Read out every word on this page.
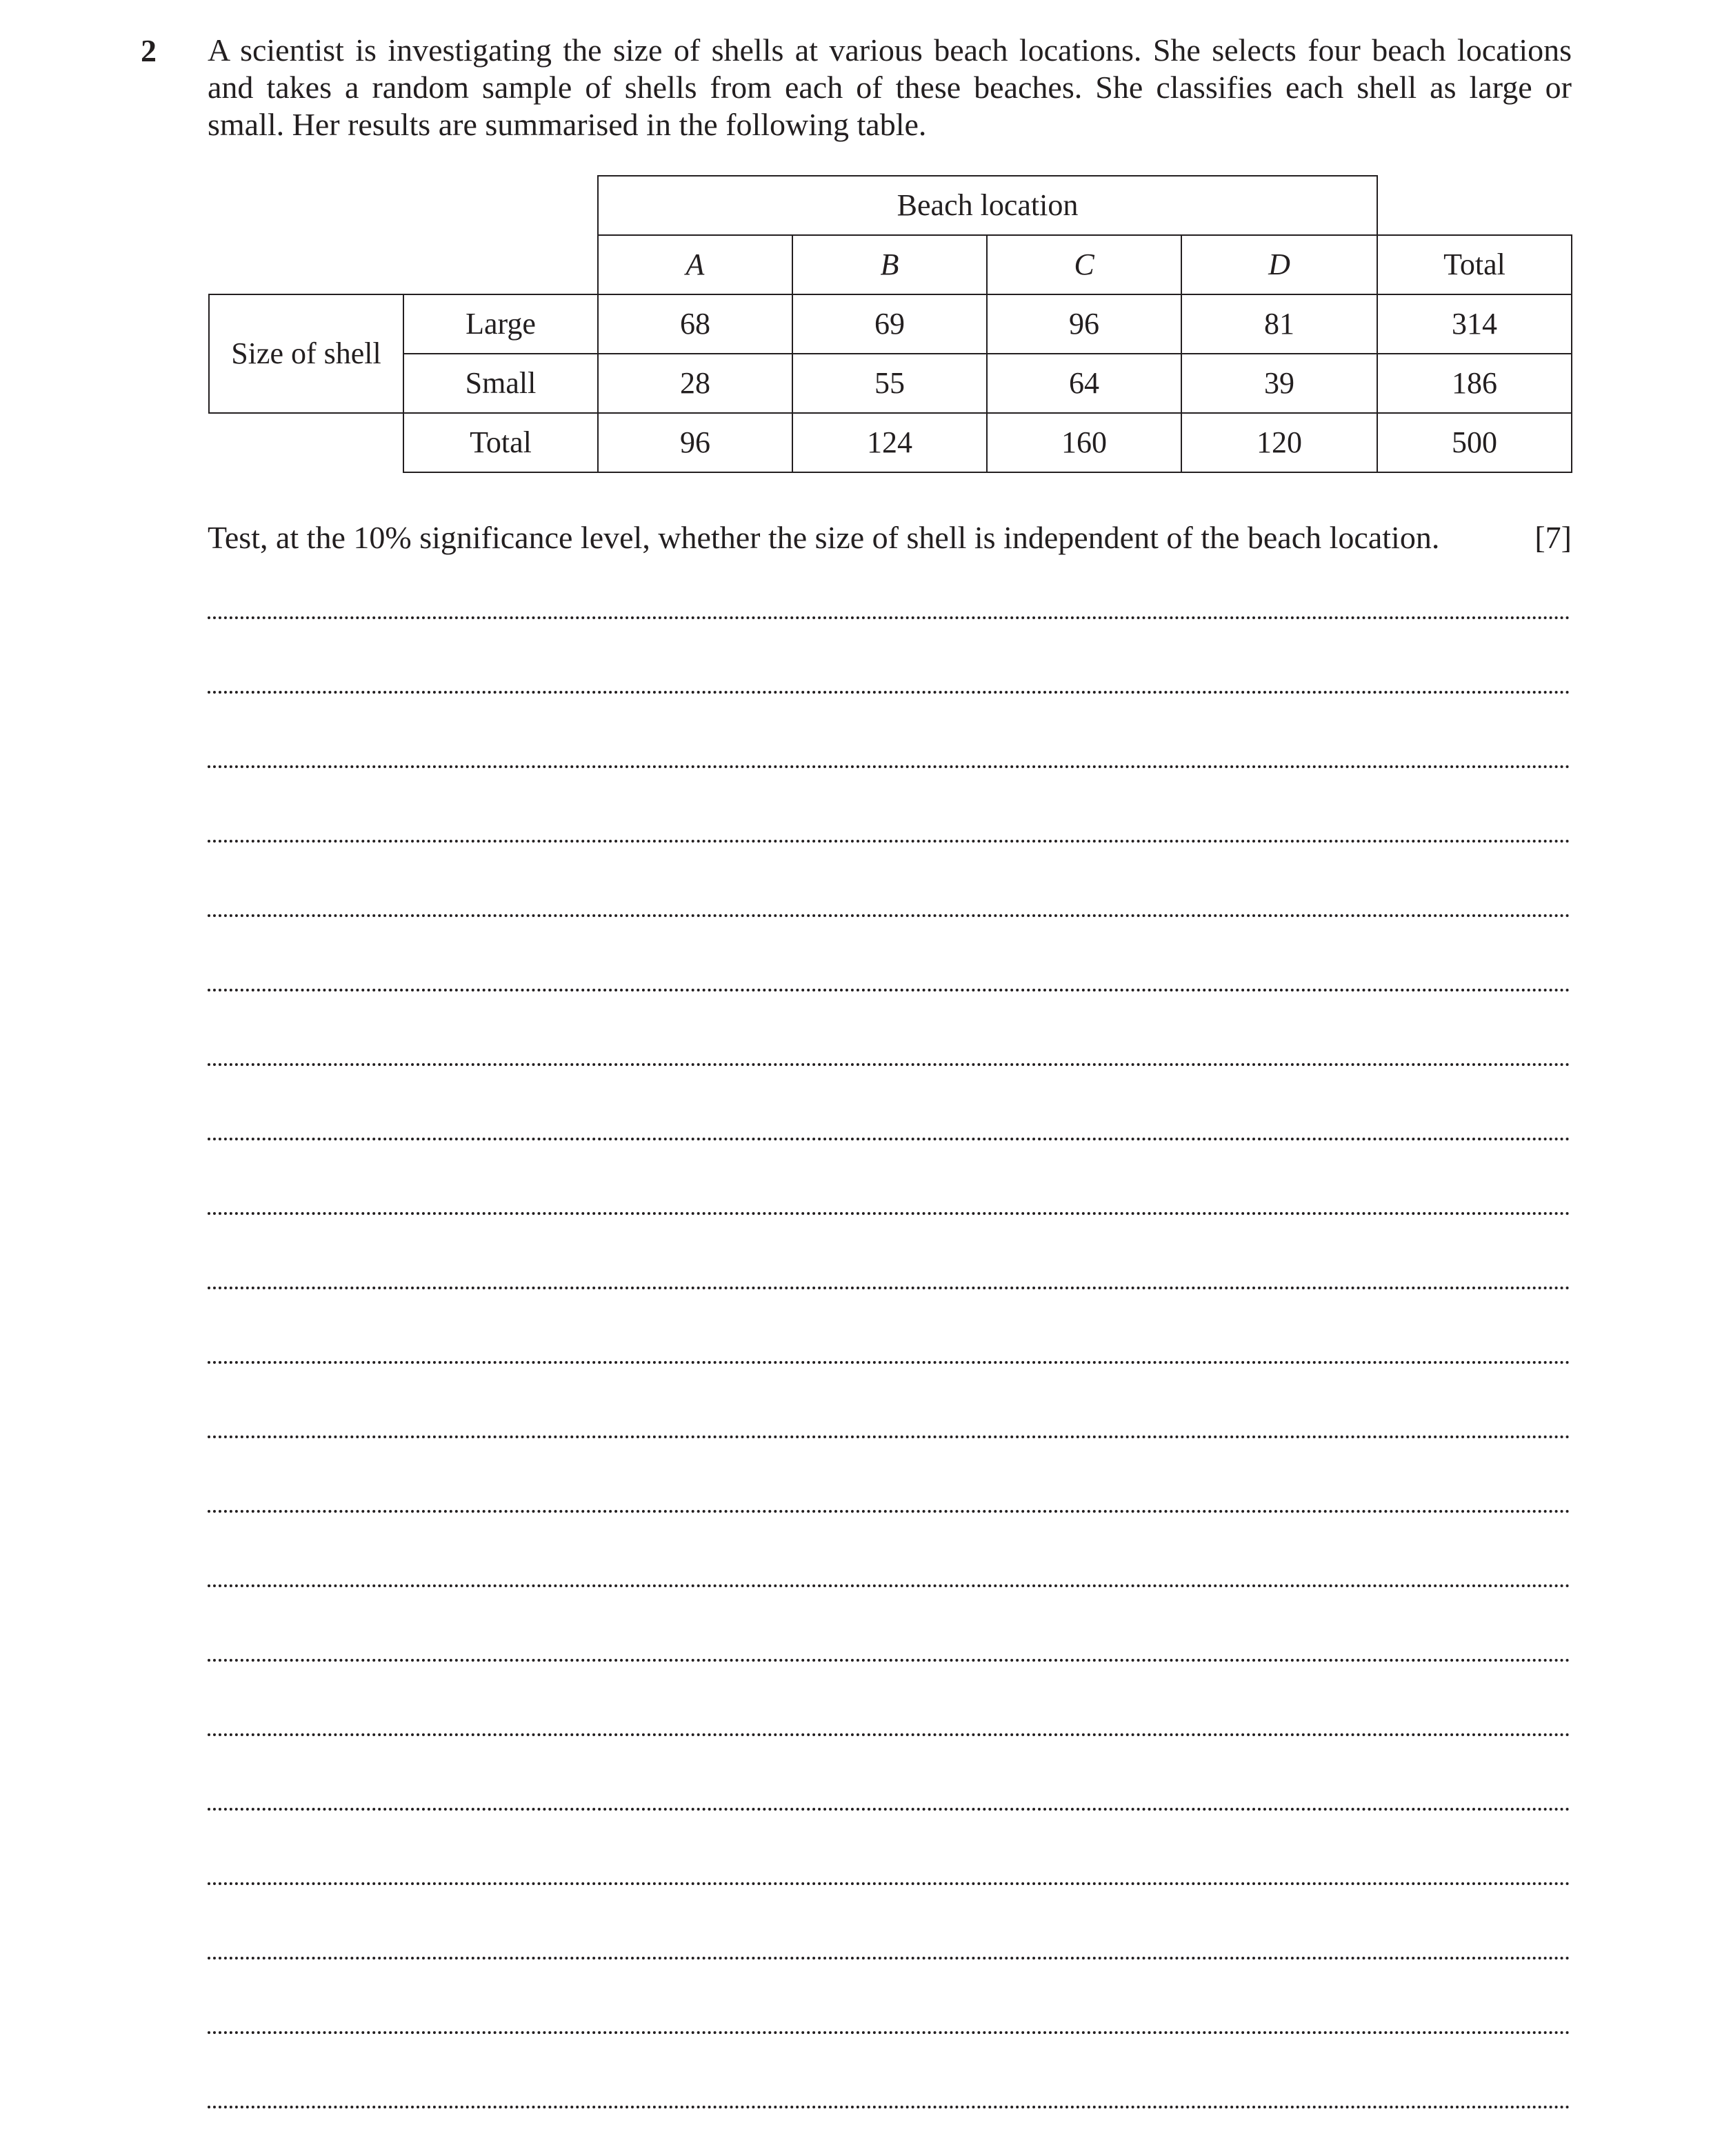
2 A scientist is investigating the size of shells at various beach locations. She selects four beach locations
and takes a random sample of shells from each of these beaches. She classifies each shell as large or
small. Her results are summarised in the following table.
Beach location
A	B	C	D	Total
Size of shell
Large	68	69	96	81	314
Small	28	55	64	39	186
Total	96	124	160	120	500
Test, at the 10% significance level, whether the size of shell is independent of the beach location.	[7]
